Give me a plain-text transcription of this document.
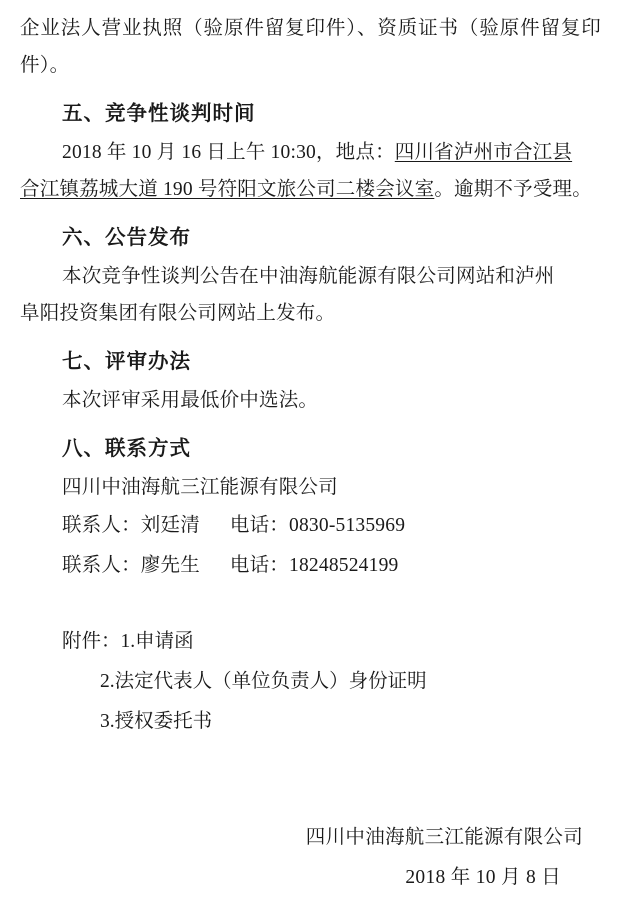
企业法人营业执照（验原件留复印件）、资质证书（验原件留复印件）。

五、竞争性谈判时间

2018 年 10 月 16 日上午 10:30，地点：四川省泸州市合江县

合江镇荔城大道 190 号符阳文旅公司二楼会议室。逾期不予受理。

六、公告发布

本次竞争性谈判公告在中油海航能源有限公司网站和泸州

阜阳投资集团有限公司网站上发布。

七、评审办法

本次评审采用最低价中选法。

八、联系方式

四川中油海航三江能源有限公司

联系人：刘廷清 电话：0830-5135969

联系人：廖先生 电话：18248524199

附件：1.申请函

2.法定代表人（单位负责人）身份证明

3.授权委托书

四川中油海航三江能源有限公司

2018 年 10 月 8 日
